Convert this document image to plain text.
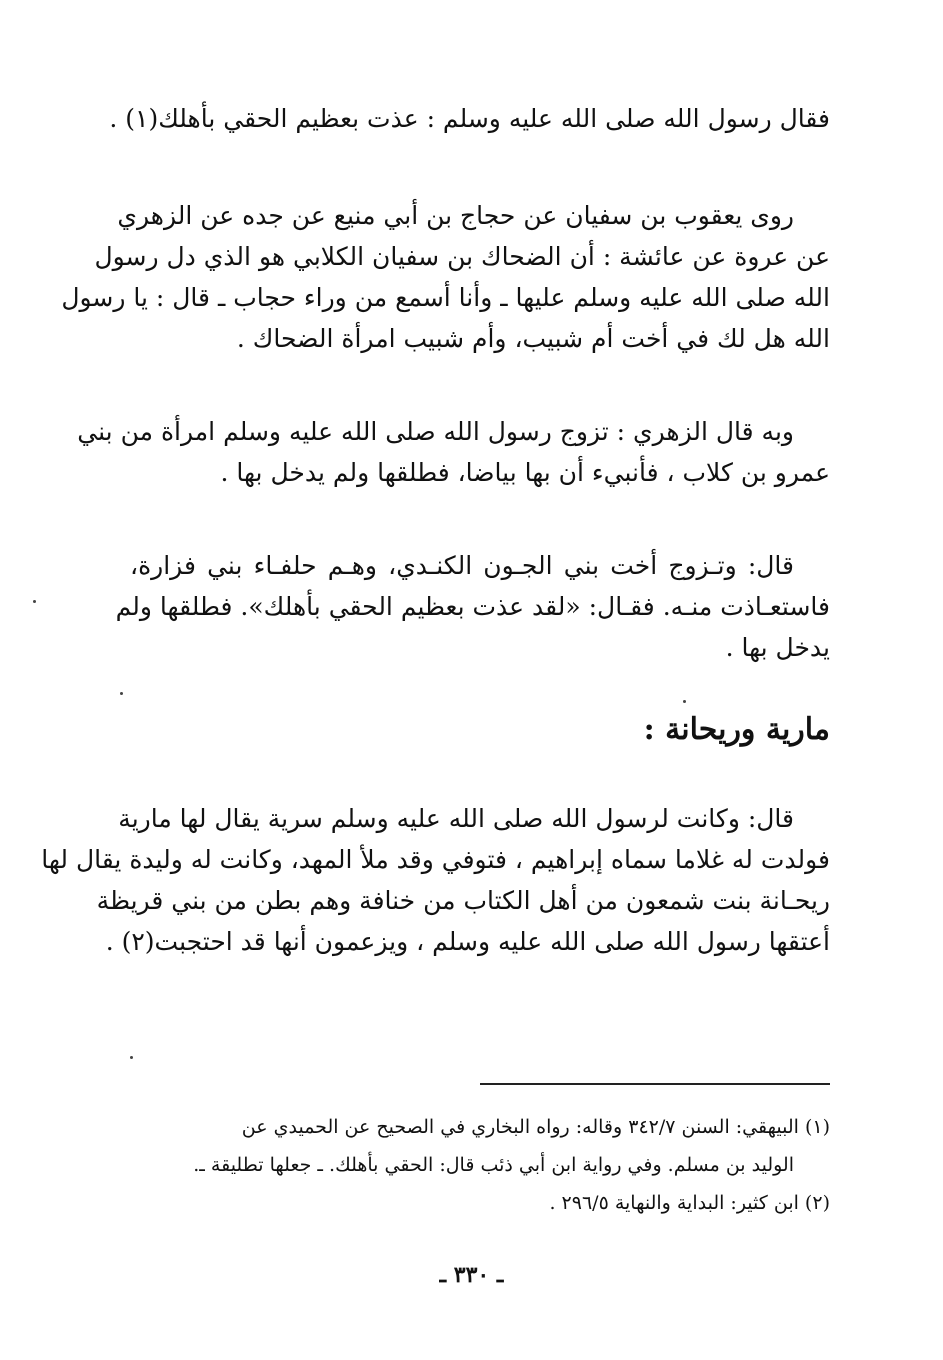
فقال رسول الله صلى الله عليه وسلم : عذت بعظيم الحقي بأهلك(١) .
روى يعقوب بن سفيان عن حجاج بن أبي منيع عن جده عن الزهري
عن عروة عن عائشة : أن الضحاك بن سفيان الكلابي هو الذي دل رسول
الله صلى الله عليه وسلم عليها ـ وأنا أسمع من وراء حجاب ـ قال : يا رسول
الله هل لك في أخت أم شبيب، وأم شبيب امرأة الضحاك .
وبه قال الزهري : تزوج رسول الله صلى الله عليه وسلم امرأة من بني
عمرو بن كلاب ، فأنبيء أن بها بياضا، فطلقها ولم يدخل بها .
قال: وتـزوج أخت بني الجـون الكنـدي، وهـم حلفـاء بني فزارة،
فاستعـاذت منـه. فقـال: «لقد عذت بعظيم الحقي بأهلك». فطلقها ولم
يدخل بها .
مارية وريحانة :
قال: وكانت لرسول الله صلى الله عليه وسلم سرية يقال لها مارية
فولدت له غلاما سماه إبراهيم ، فتوفي وقد ملأ المهد، وكانت له وليدة يقال لها
ريحـانة بنت شمعون من أهل الكتاب من خنافة وهم بطن من بني قريظة
أعتقها رسول الله صلى الله عليه وسلم ، ويزعمون أنها قد احتجبت(٢) .
(١) البيهقي: السنن ٣٤٢/٧ وقاله: رواه البخاري في الصحيح عن الحميدي عن
الوليد بن مسلم. وفي رواية ابن أبي ذئب قال: الحقي بأهلك. ـ جعلها تطليقة ـ.
(٢) ابن كثير: البداية والنهاية ٢٩٦/٥ .
ـ ٣٣٠ ـ
